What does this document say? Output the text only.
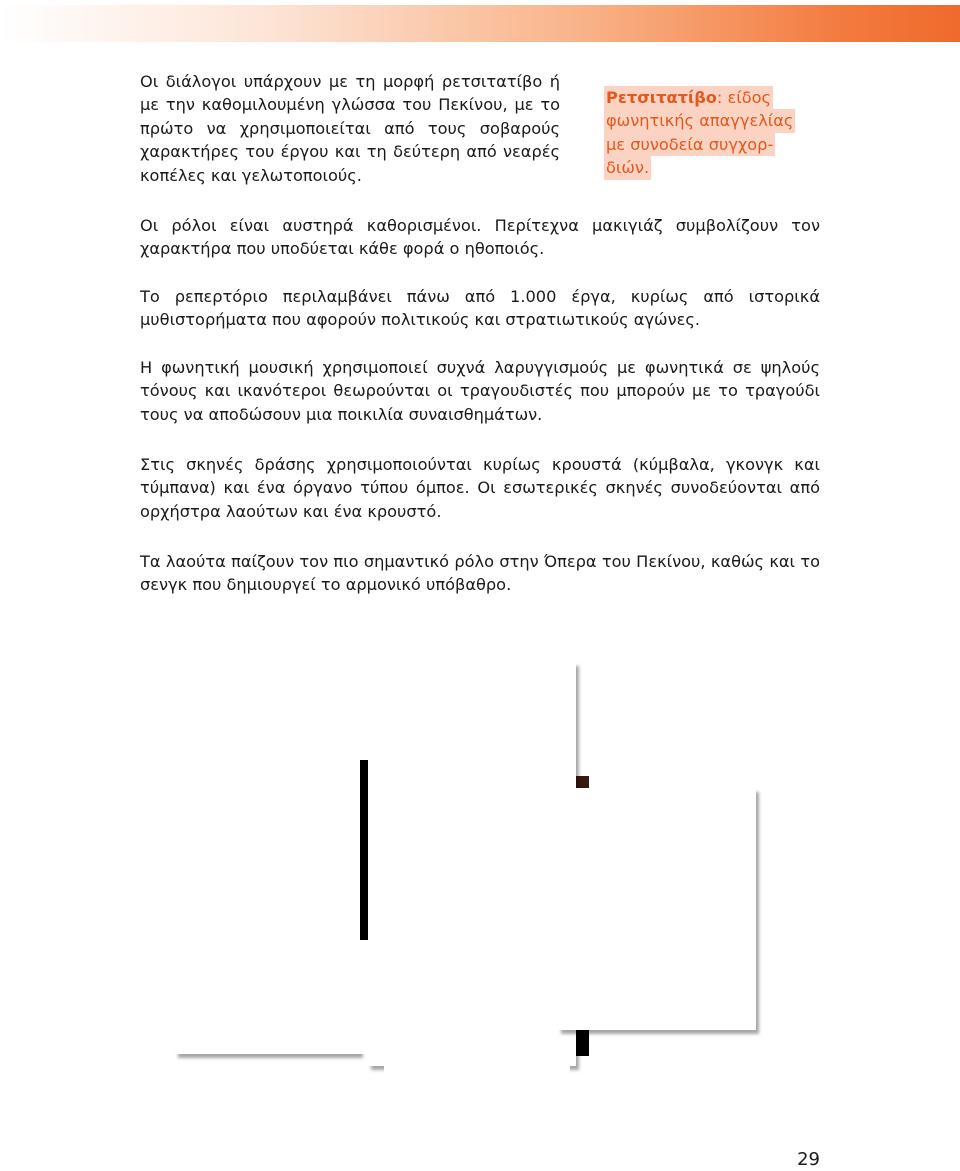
Οι διάλογοι υπάρχουν με τη μορφή ρετσιτατίβο ή με την καθομιλουμένη γλώσσα του Πεκίνου, με το πρώτο να χρησιμοποιείται από τους σοβαρούς χαρακτήρες του έργου και τη δεύτερη από νεαρές κοπέλες και γελωτοποιούς.

Ρετσιτατίβο: είδος
φωνητικής απαγγελίας
με συνοδεία συγχορ-
διών.

Οι ρόλοι είναι αυστηρά καθορισμένοι. Περίτεχνα μακιγιάζ συμβολίζουν τον χαρακτήρα που υποδύεται κάθε φορά ο ηθοποιός.

Το ρεπερτόριο περιλαμβάνει πάνω από 1.000 έργα, κυρίως από ιστορικά μυθιστορήματα που αφορούν πολιτικούς και στρατιωτικούς αγώνες.

Η φωνητική μουσική χρησιμοποιεί συχνά λαρυγγισμούς με φωνητικά σε ψηλούς τόνους και ικανότεροι θεωρούνται οι τραγουδιστές που μπορούν με το τραγούδι τους να αποδώσουν μια ποικιλία συναισθημάτων.

Στις σκηνές δράσης χρησιμοποιούνται κυρίως κρουστά (κύμβαλα, γκονγκ και τύμπανα) και ένα όργανο τύπου όμποε. Οι εσωτερικές σκηνές συνοδεύονται από ορχήστρα λαούτων και ένα κρουστό.

Τα λαούτα παίζουν τον πιο σημαντικό ρόλο στην Όπερα του Πεκίνου, καθώς και το σενγκ που δημιουργεί το αρμονικό υπόβαθρο.

29
